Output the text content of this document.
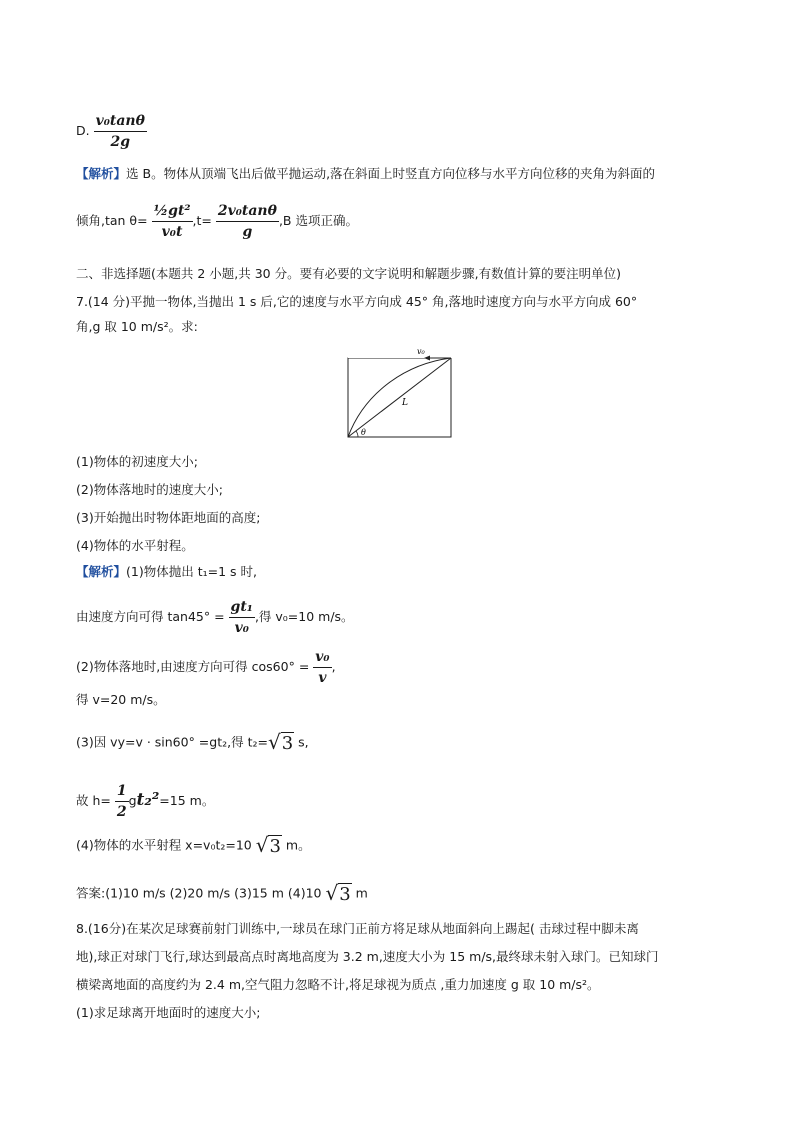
D. $\frac{\text{v₀tanθ}}{2g}$
【解析】选 B。物体从顶端飞出后做平抛运动,落在斜面上时竖直方向位移与水平方向位移的夹角为斜面的
倾角,tan $\theta= \frac{\text{½gt²}}{\text{v₀t}} ,t= \frac{\text{2v₀tanθ}}{g} ,B$ 选项正确。
二、非选择题(本题共 2 小题,共 30 分。要有必要的文字说明和解题步骤,有数值计算的要注明单位)
7.(14 分)平抛一物体,当抛出 1 s 后,它的速度与水平方向成 45° 角,落地时速度方向与水平方向成 60°
角,g 取 10 m/s²。求:
v₀
L
θ
(1)物体的初速度大小;
(2)物体落地时的速度大小;
(3)开始抛出时物体距地面的高度;
(4)物体的水平射程。
【解析】(1)物体抛出 t₁=1 s 时,
由速度方向可得 $\tan 45^\circ = \frac{\text{gt₁}}{\text{v₀}}$ ,得 v₀=10 m/s。
(2)物体落地时,由速度方向可得 $\cos 60^\circ = \frac{\text{v₀}}{v}$ ,
得 v=20 m/s。
(3)因 vy=v · sin60° =gt₂,得 t₂=√3 s,
故 $h= \frac{1}{2} gt_2^2=15$ m。
(4)物体的水平射程 x=v₀t₂=10 √3 m。
答案:(1)10 m/s (2)20 m/s (3)15 m (4)10 √3 m
8.(16分)在某次足球赛前射门训练中,一球员在球门正前方将足球从地面斜向上踢起( 击球过程中脚未离
地),球正对球门飞行,球达到最高点时离地高度为 3.2 m,速度大小为 15 m/s,最终球未射入球门。已知球门
横梁离地面的高度约为 2.4 m,空气阻力忽略不计,将足球视为质点 ,重力加速度 g 取 10 m/s²。
(1)求足球离开地面时的速度大小;
